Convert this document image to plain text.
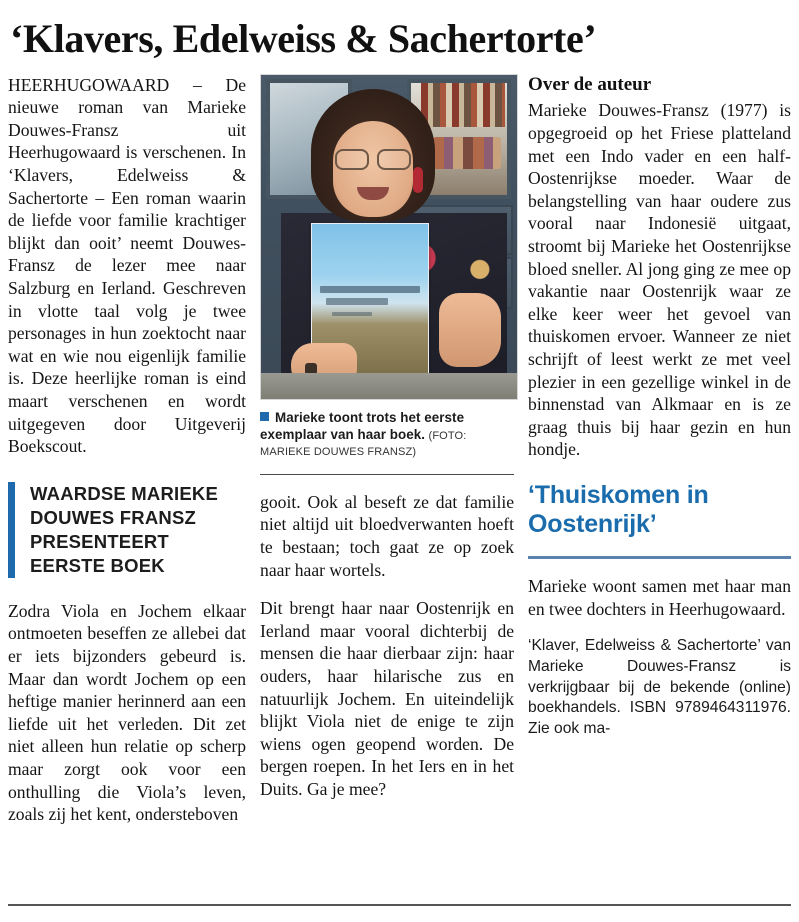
‘Klavers, Edelweiss & Sachertorte’

HEERHUGOWAARD – De nieuwe roman van Marieke Douwes-Fransz uit Heerhugowaard is verschenen. In ‘Klavers, Edelweiss & Sachertorte – Een roman waarin de liefde voor familie krachtiger blijkt dan ooit’ neemt Douwes-Fransz de lezer mee naar Salzburg en Ierland. Geschreven in vlotte taal volg je twee personages in hun zoektocht naar wat en wie nou eigenlijk familie is. Deze heerlijke roman is eind maart verschenen en wordt uitgegeven door Uitgeverij Boekscout.

WAARDSE MARIEKE DOUWES FRANSZ PRESENTEERT EERSTE BOEK

Zodra Viola en Jochem elkaar ontmoeten beseffen ze allebei dat er iets bijzonders gebeurd is. Maar dan wordt Jochem op een heftige manier herinnerd aan een liefde uit het verleden. Dit zet niet alleen hun relatie op scherp maar zorgt ook voor een onthulling die Viola’s leven, zoals zij het kent, ondersteboven

Marieke toont trots het eerste exemplaar van haar boek. (FOTO: MARIEKE DOUWES FRANSZ)

gooit. Ook al beseft ze dat familie niet altijd uit bloedverwanten hoeft te bestaan; toch gaat ze op zoek naar haar wortels.

Dit brengt haar naar Oostenrijk en Ierland maar vooral dichterbij de mensen die haar dierbaar zijn: haar ouders, haar hilarische zus en natuurlijk Jochem. En uiteindelijk blijkt Viola niet de enige te zijn wiens ogen geopend worden. De bergen roepen. In het Iers en in het Duits. Ga je mee?

Over de auteur

Marieke Douwes-Fransz (1977) is opgegroeid op het Friese platteland met een Indo vader en een half-Oostenrijkse moeder. Waar de belangstelling van haar oudere zus vooral naar Indonesië uitgaat, stroomt bij Marieke het Oostenrijkse bloed sneller. Al jong ging ze mee op vakantie naar Oostenrijk waar ze elke keer weer het gevoel van thuiskomen ervoer. Wanneer ze niet schrijft of leest werkt ze met veel plezier in een gezellige winkel in de binnenstad van Alkmaar en is ze graag thuis bij haar gezin en hun hondje.

‘Thuiskomen in Oostenrijk’

Marieke woont samen met haar man en twee dochters in Heerhugowaard.

‘Klaver, Edelweiss & Sachertorte’ van Marieke Douwes-Fransz is verkrijgbaar bij de bekende (online) boekhandels. ISBN 9789464311976. Zie ook ma-
